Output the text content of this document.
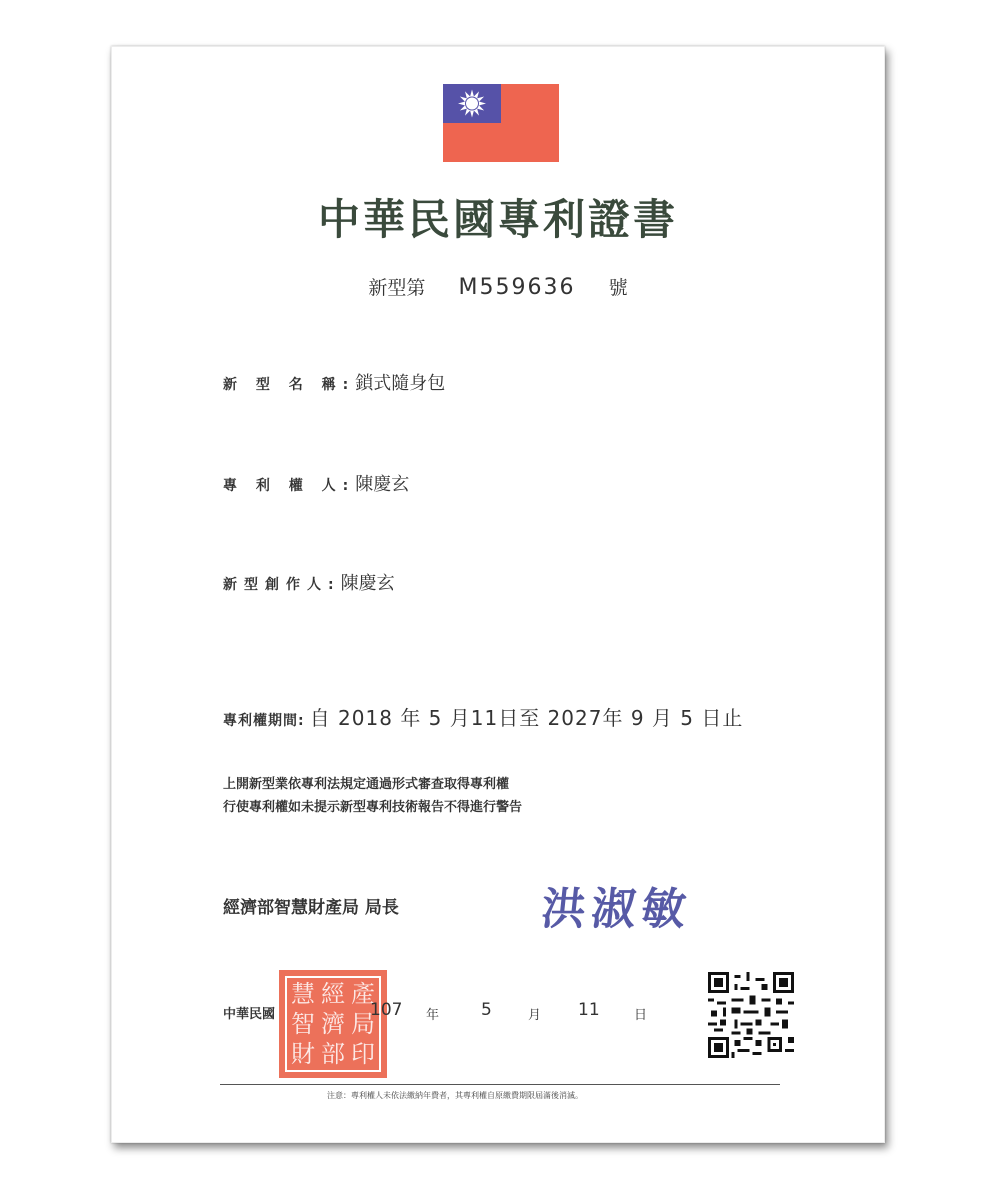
中華民國專利證書
新型第 M559636 號
新 型 名 稱:鎖式隨身包
專 利 權 人:陳慶玄
新型創作人:陳慶玄
專利權期間: 自 2018 年 5 月11日至 2027年 9 月 5 日止
上開新型業依專利法規定通過形式審查取得專利權
行使專利權如未提示新型專利技術報告不得進行警告
經濟部智慧財產局 局長	洪淑敏
慧 經 產
智 濟 局
財 部 印
中華民國	107 年 5	月 11	日
注意：專利權人未依法繳納年費者，其專利權自原繳費期限屆滿後消滅。
